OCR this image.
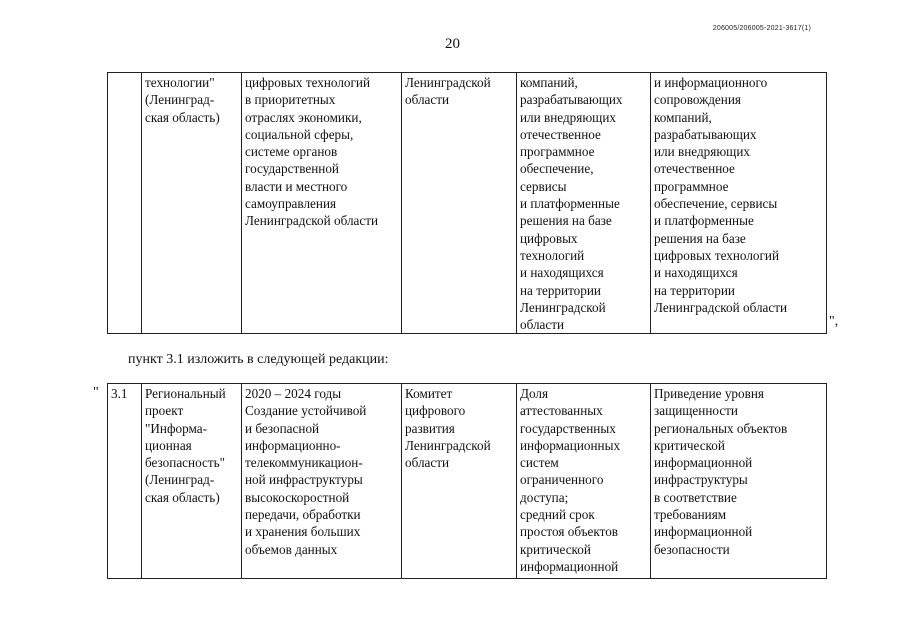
206005/206005-2021-3617(1)
20
	технологии"
(Ленинград-
ская область)	цифровых технологий
в приоритетных
отраслях экономики,
социальной сферы,
системе органов
государственной
власти и местного
самоуправления
Ленинградской области	Ленинградской
области	компаний,
разрабатывающих
или внедряющих
отечественное
программное
обеспечение,
сервисы
и платформенные
решения на базе
цифровых
технологий
и находящихся
на территории
Ленинградской
области	и информационного
сопровождения
компаний,
разрабатывающих
или внедряющих
отечественное
программное
обеспечение, сервисы
и платформенные
решения на базе
цифровых технологий
и находящихся
на территории
Ленинградской области
",
пункт 3.1 изложить в следующей редакции:
" 3.1	Региональный
проект
"Информа-
ционная
безопасность"
(Ленинград-
ская область)	2020 – 2024 годы
Создание устойчивой
и безопасной
информационно-
телекоммуникацион-
ной инфраструктуры
высокоскоростной
передачи, обработки
и хранения больших
объемов данных	Комитет
цифрового
развития
Ленинградской
области	Доля
аттестованных
государственных
информационных
систем
ограниченного
доступа;
средний срок
простоя объектов
критической
информационной	Приведение уровня
защищенности
региональных объектов
критической
информационной
инфраструктуры
в соответствие
требованиям
информационной
безопасности
